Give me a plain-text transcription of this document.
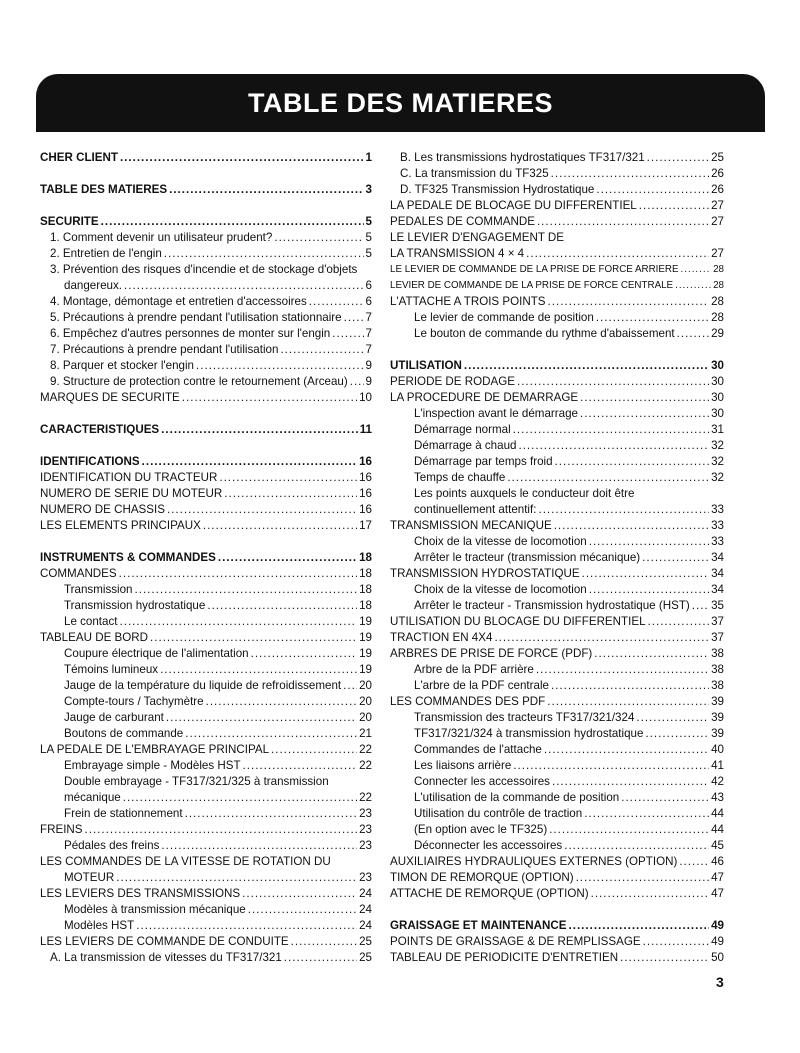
TABLE DES MATIERES
CHER CLIENT .....	1
TABLE DES MATIERES .....	3
SECURITE .....	5
1. Comment devenir un utilisateur prudent? .....	5
2. Entretien de l'engin .....	5
3. Prévention des risques d'incendie et de stockage d'objets
dangereux. .....	6
4. Montage, démontage et entretien d'accessoires .....	6
5. Précautions à prendre pendant l'utilisation stationnaire ..... 7
6. Empêchez d'autres personnes de monter sur l'engin .....	7
7. Précautions à prendre pendant l'utilisation .....	7
8. Parquer et stocker l'engin .....	9
9. Structure de protection contre le retournement (Arceau) ..... 9
MARQUES DE SECURITE .....	10
CARACTERISTIQUES .....	11
IDENTIFICATIONS .....	16
IDENTIFICATION DU TRACTEUR .....	16
NUMERO DE SERIE DU MOTEUR .....	16
NUMERO DE CHASSIS .....	16
LES ELEMENTS PRINCIPAUX .....	17
INSTRUMENTS & COMMANDES .....	18
COMMANDES .....	18
Transmission .....	18
Transmission hydrostatique .....	18
Le contact .....	19
TABLEAU DE BORD .....	19
Coupure électrique de l'alimentation .....	19
Témoins lumineux .....	19
Jauge de la température du liquide de refroidissement ..... 20
Compte-tours / Tachymètre .....	20
Jauge de carburant .....	20
Boutons de commande .....	21
LA PEDALE DE L'EMBRAYAGE PRINCIPAL .....	22
Embrayage simple - Modèles HST .....	22
Double embrayage - TF317/321/325 à transmission
mécanique .....	22
Frein de stationnement .....	23
FREINS .....	23
Pédales des freins .....	23
LES COMMANDES DE LA VITESSE DE ROTATION DU
MOTEUR .....	23
LES LEVIERS DES TRANSMISSIONS .....	24
Modèles à transmission mécanique .....	24
Modèles HST .....	24
LES LEVIERS DE COMMANDE DE CONDUITE .....	25
A. La transmission de vitesses du TF317/321 .....	25
B. Les transmissions hydrostatiques TF317/321 .....	25
C. La transmission du TF325 .....	26
D. TF325 Transmission Hydrostatique .....	26
LA PEDALE DE BLOCAGE DU DIFFERENTIEL .....	27
PEDALES DE COMMANDE .....	27
LE LEVIER D'ENGAGEMENT DE
LA TRANSMISSION 4 × 4 .....	27
LE LEVIER DE COMMANDE DE LA PRISE DE FORCE ARRIERE .....	28
LEVIER DE COMMANDE DE LA PRISE DE FORCE CENTRALE .....	28
L'ATTACHE A TROIS POINTS .....	28
Le levier de commande de position .....	28
Le bouton de commande du rythme d'abaissement .....	29
UTILISATION .....	30
PERIODE DE RODAGE .....	30
LA PROCEDURE DE DEMARRAGE .....	30
L'inspection avant le démarrage .....	30
Démarrage normal .....	31
Démarrage à chaud .....	32
Démarrage par temps froid .....	32
Temps de chauffe .....	32
Les points auxquels le conducteur doit être
continuellement attentif: .....	33
TRANSMISSION MECANIQUE .....	33
Choix de la vitesse de locomotion .....	33
Arrêter le tracteur (transmission mécanique) .....	34
TRANSMISSION HYDROSTATIQUE .....	34
Choix de la vitesse de locomotion .....	34
Arrêter le tracteur - Transmission hydrostatique (HST) ..... 35
UTILISATION DU BLOCAGE DU DIFFERENTIEL .....	37
TRACTION EN 4X4 .....	37
ARBRES DE PRISE DE FORCE (PDF) .....	38
Arbre de la PDF arrière .....	38
L'arbre de la PDF centrale .....	38
LES COMMANDES DES PDF .....	39
Transmission des tracteurs TF317/321/324 .....	39
TF317/321/324 à transmission hydrostatique .....	39
Commandes de l'attache .....	40
Les liaisons arrière .....	41
Connecter les accessoires .....	42
L'utilisation de la commande de position .....	43
Utilisation du contrôle de traction .....	44
(En option avec le TF325) .....	44
Déconnecter les accessoires .....	45
AUXILIAIRES HYDRAULIQUES EXTERNES (OPTION) .....	46
TIMON DE REMORQUE (OPTION) .....	47
ATTACHE DE REMORQUE (OPTION) .....	47
GRAISSAGE ET MAINTENANCE .....	49
POINTS DE GRAISSAGE & DE REMPLISSAGE .....	49
TABLEAU DE PERIODICITE D'ENTRETIEN .....	50
3
